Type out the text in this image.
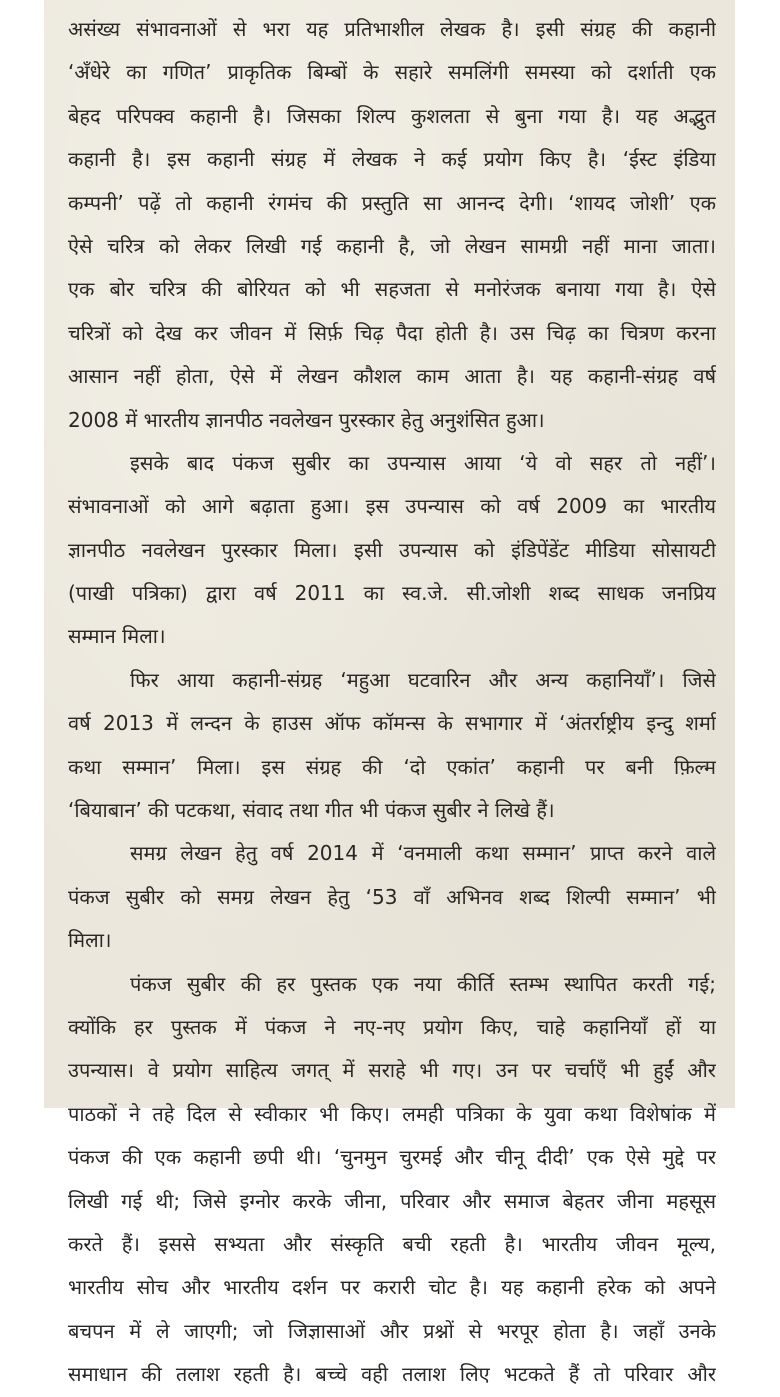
असंख्य संभावनाओं से भरा यह प्रतिभाशील लेखक है। इसी संग्रह की कहानी
‘अँधेरे का गणित’ प्राकृतिक बिम्बों के सहारे समलिंगी समस्या को दर्शाती एक
बेहद परिपक्व कहानी है। जिसका शिल्प कुशलता से बुना गया है। यह अद्भुत
कहानी है। इस कहानी संग्रह में लेखक ने कई प्रयोग किए है। ‘ईस्ट इंडिया
कम्पनी’ पढ़ें तो कहानी रंगमंच की प्रस्तुति सा आनन्द देगी। ‘शायद जोशी’ एक
ऐसे चरित्र को लेकर लिखी गई कहानी है, जो लेखन सामग्री नहीं माना जाता।
एक बोर चरित्र की बोरियत को भी सहजता से मनोरंजक बनाया गया है। ऐसे
चरित्रों को देख कर जीवन में सिर्फ़ चिढ़ पैदा होती है। उस चिढ़ का चित्रण करना
आसान नहीं होता, ऐसे में लेखन कौशल काम आता है। यह कहानी-संग्रह वर्ष
2008 में भारतीय ज्ञानपीठ नवलेखन पुरस्कार हेतु अनुशंसित हुआ।
इसके बाद पंकज सुबीर का उपन्यास आया ‘ये वो सहर तो नहीं’।
संभावनाओं को आगे बढ़ाता हुआ। इस उपन्यास को वर्ष 2009 का भारतीय
ज्ञानपीठ नवलेखन पुरस्कार मिला। इसी उपन्यास को इंडिपेंडेंट मीडिया सोसायटी
(पाखी पत्रिका) द्वारा वर्ष 2011 का स्व.जे. सी.जोशी शब्द साधक जनप्रिय
सम्मान मिला।
फिर आया कहानी-संग्रह ‘महुआ घटवारिन और अन्य कहानियाँ’। जिसे
वर्ष 2013 में लन्दन के हाउस ऑफ कॉमन्स के सभागार में ‘अंतर्राष्ट्रीय इन्दु शर्मा
कथा सम्मान’ मिला। इस संग्रह की ‘दो एकांत’ कहानी पर बनी फ़िल्म
‘बियाबान’ की पटकथा, संवाद तथा गीत भी पंकज सुबीर ने लिखे हैं।
समग्र लेखन हेतु वर्ष 2014 में ‘वनमाली कथा सम्मान’ प्राप्त करने वाले
पंकज सुबीर को समग्र लेखन हेतु ‘53 वाँ अभिनव शब्द शिल्पी सम्मान’ भी
मिला।
पंकज सुबीर की हर पुस्तक एक नया कीर्ति स्तम्भ स्थापित करती गई;
क्योंकि हर पुस्तक में पंकज ने नए-नए प्रयोग किए, चाहे कहानियाँ हों या
उपन्यास। वे प्रयोग साहित्य जगत् में सराहे भी गए। उन पर चर्चाएँ भी हुईं और
पाठकों ने तहे दिल से स्वीकार भी किए। लमही पत्रिका के युवा कथा विशेषांक में
पंकज की एक कहानी छपी थी। ‘चुनमुन चुरमई और चीनू दीदी’ एक ऐसे मुद्दे पर
लिखी गई थी; जिसे इग्नोर करके जीना, परिवार और समाज बेहतर जीना महसूस
करते हैं। इससे सभ्यता और संस्कृति बची रहती है। भारतीय जीवन मूल्य,
भारतीय सोच और भारतीय दर्शन पर करारी चोट है। यह कहानी हरेक को अपने
बचपन में ले जाएगी; जो जिज्ञासाओं और प्रश्नों से भरपूर होता है। जहाँ उनके
समाधान की तलाश रहती है। बच्चे वही तलाश लिए भटकते हैं तो परिवार और
